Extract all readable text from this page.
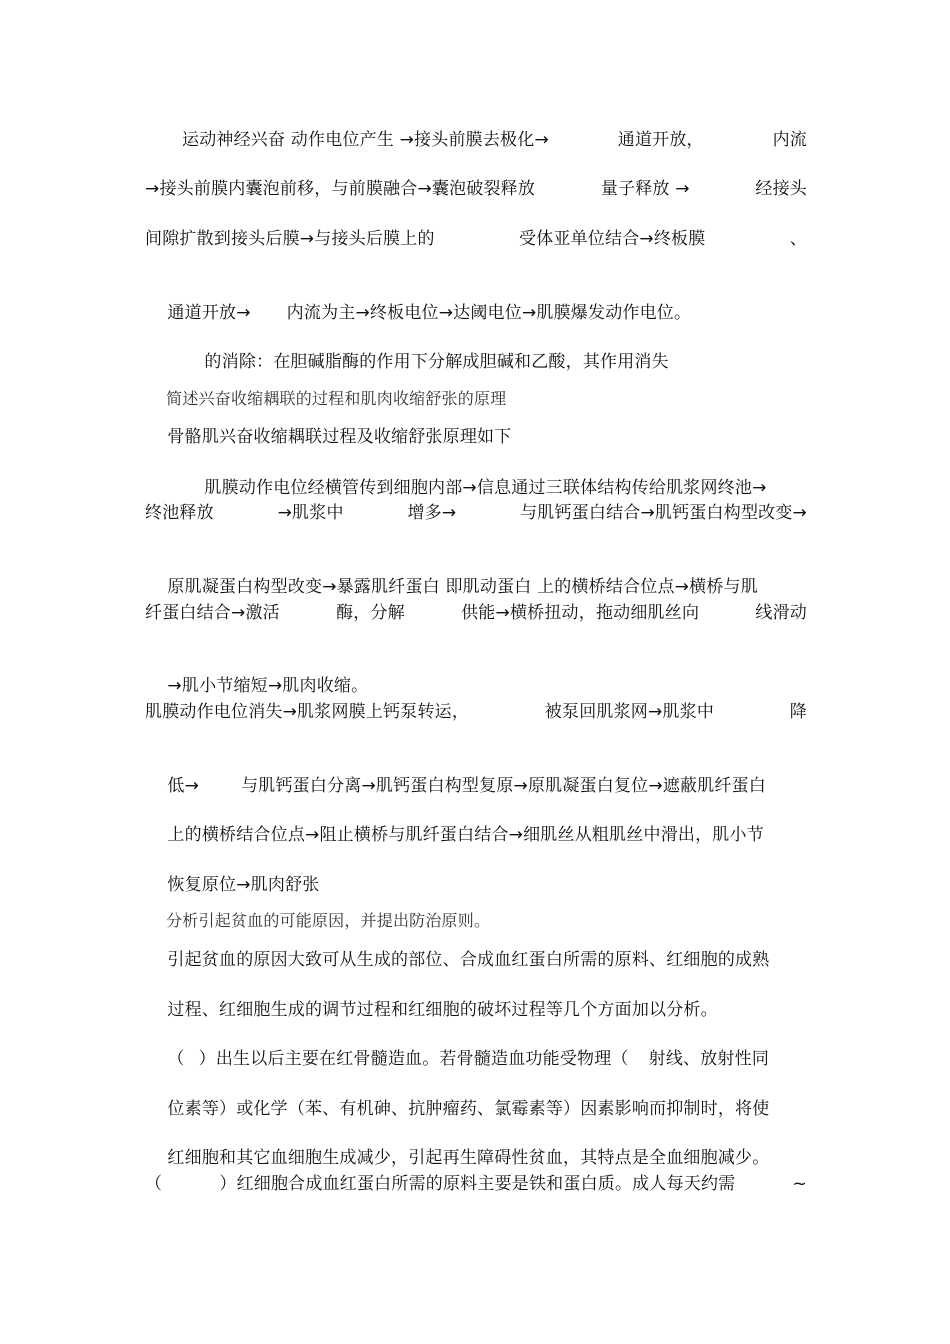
运动神经兴奋 动作电位产生 →接头前膜去极化→	通道开放，	内流
→接头前膜内囊泡前移，与前膜融合→囊泡破裂释放	量子释放 →	经接头
间隙扩散到接头后膜→与接头后膜上的	受体亚单位结合→终板膜	、

通道开放→ 内流为主→终板电位→达阈电位→肌膜爆发动作电位。

的消除：在胆碱脂酶的作用下分解成胆碱和乙酸，其作用消失

简述兴奋收缩耦联的过程和肌肉收缩舒张的原理

骨骼肌兴奋收缩耦联过程及收缩舒张原理如下

肌膜动作电位经横管传到细胞内部→信息通过三联体结构传给肌浆网终池→

终池释放	→肌浆中	增多→	与肌钙蛋白结合→肌钙蛋白构型改变→

原肌凝蛋白构型改变→暴露肌纤蛋白 即肌动蛋白 上的横桥结合位点→横桥与肌

纤蛋白结合→激活	酶，分解	供能→横桥扭动，拖动细肌丝向	线滑动

→肌小节缩短→肌肉收缩。

肌膜动作电位消失→肌浆网膜上钙泵转运，	被泵回肌浆网→肌浆中	降

低→ 与肌钙蛋白分离→肌钙蛋白构型复原→原肌凝蛋白复位→遮蔽肌纤蛋白

上的横桥结合位点→阻止横桥与肌纤蛋白结合→细肌丝从粗肌丝中滑出，肌小节

恢复原位→肌肉舒张

分析引起贫血的可能原因，并提出防治原则。

引起贫血的原因大致可从生成的部位、合成血红蛋白所需的原料、红细胞的成熟

过程、红细胞生成的调节过程和红细胞的破坏过程等几个方面加以分析。

（ ）出生以后主要在红骨髓造血。若骨髓造血功能受物理（ 射线、放射性同

位素等）或化学（苯、有机砷、抗肿瘤药、氯霉素等）因素影响而抑制时，将使

红细胞和其它血细胞生成减少，引起再生障碍性贫血，其特点是全血细胞减少。

（	）红细胞合成血红蛋白所需的原料主要是铁和蛋白质。成人每天约需	~
